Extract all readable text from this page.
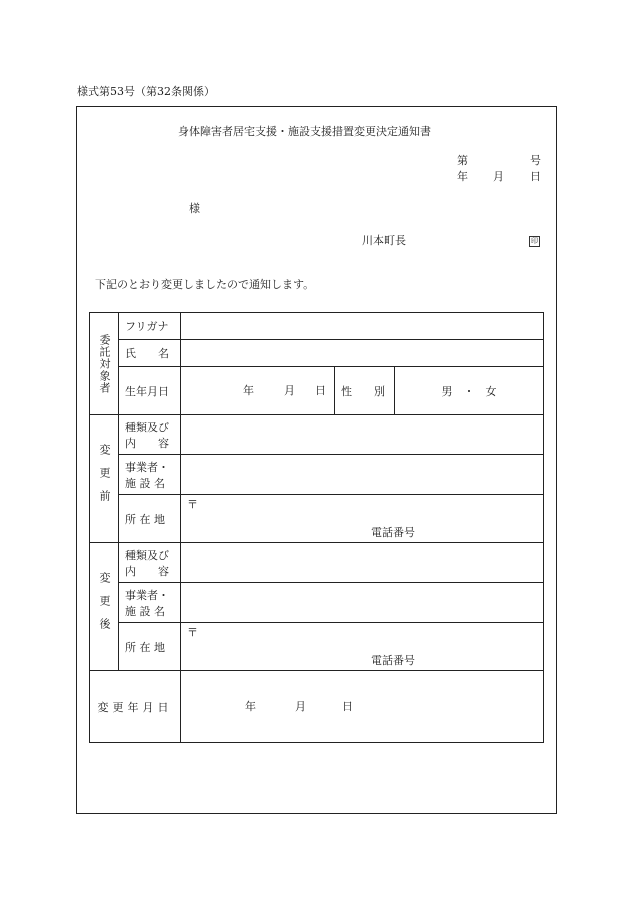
様式第53号（第32条関係）
身体障害者居宅支援・施設支援措置変更決定通知書
第	号
年 月 日
様
川本町長	印
下記のとおり変更しましたので通知します。
委託対象者	フリガナ			
	氏　　名			
	生年月日	年 月 日	性　　別	男　・　女

変更前	種類及び
内　　容			

	事業者・
施 設 名			

	所 在 地	〒
電話番号		

変更後	種類及び
内　　容			

	事業者・
施 設 名			

	所 在 地	〒
電話番号		

変更年月日		年 月 日		
